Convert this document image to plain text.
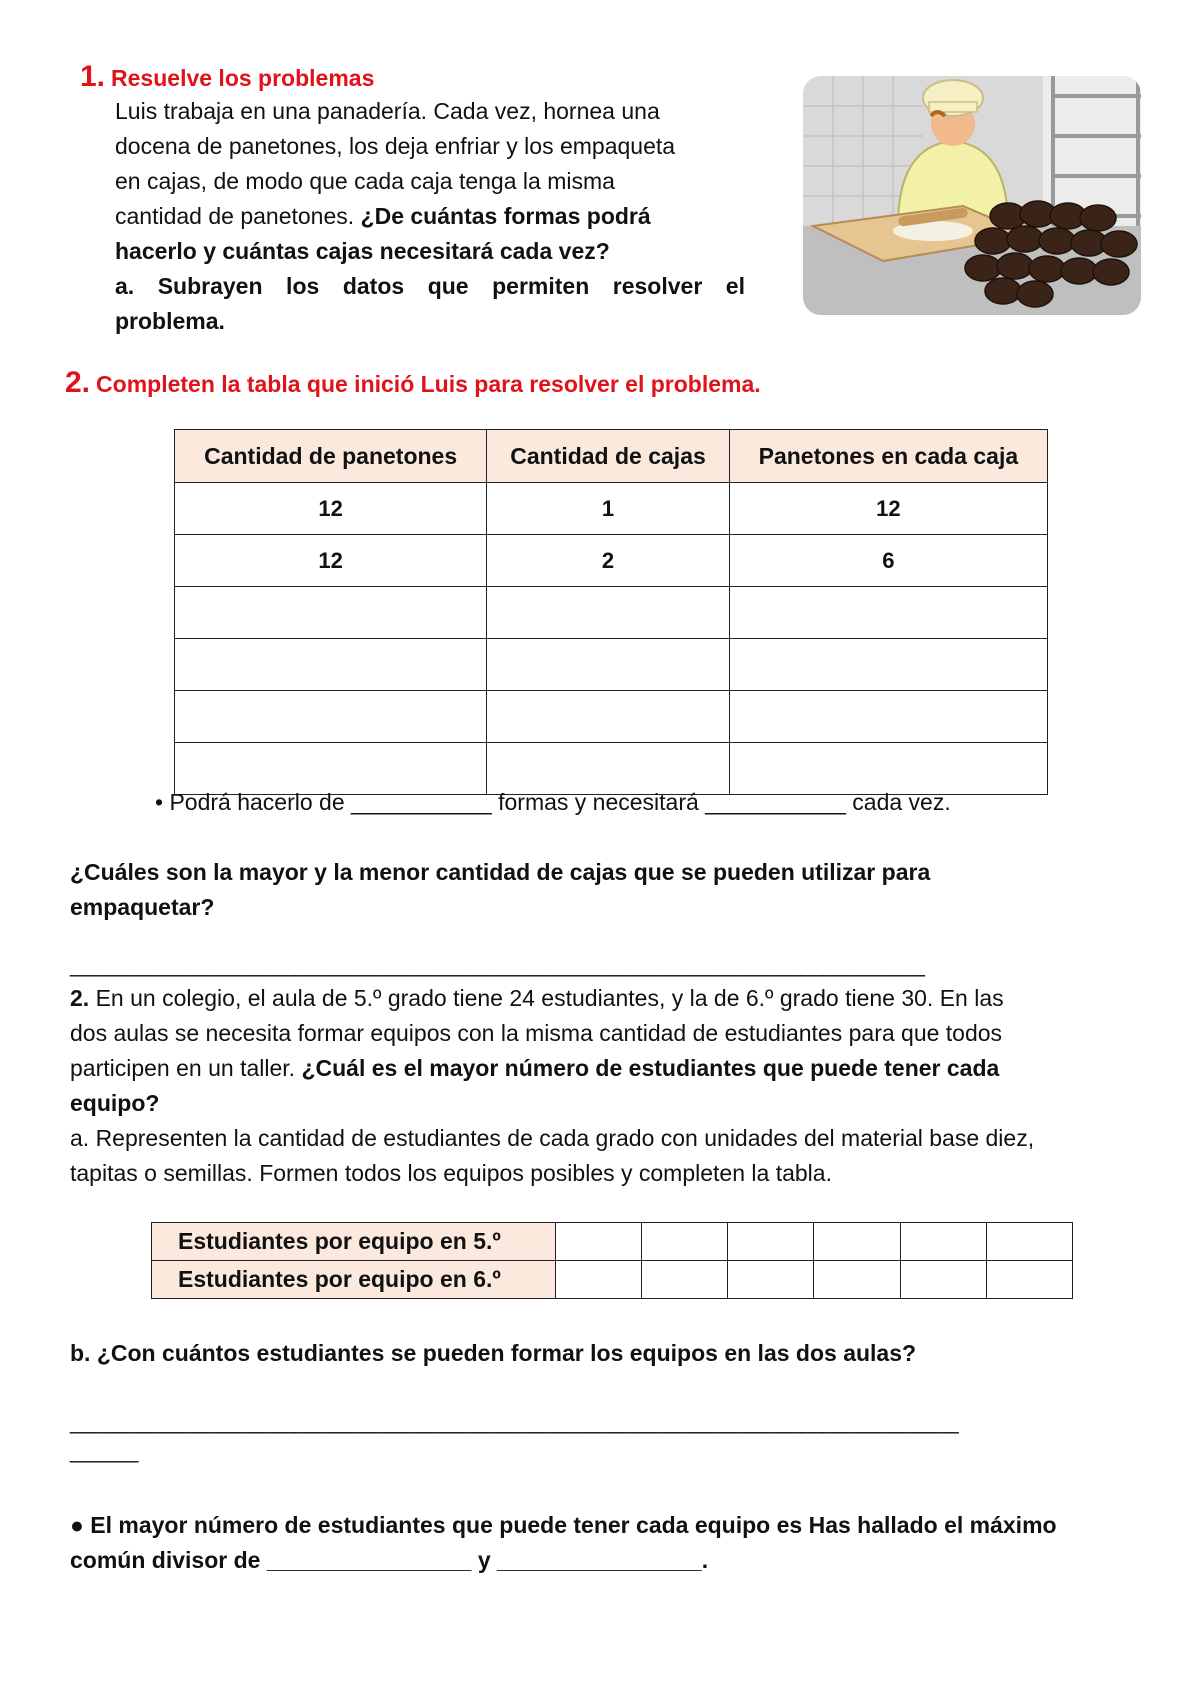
1. Resuelve los problemas
Luis trabaja en una panadería. Cada vez, hornea una
docena de panetones, los deja enfriar y los empaqueta
en cajas, de modo que cada caja tenga la misma
cantidad de panetones. ¿De cuántas formas podrá
hacerlo y cuántas cajas necesitará cada vez?
a. Subrayen los datos que permiten resolver el
problema.
2. Completen la tabla que inició Luis para resolver el problema.
Cantidad de panetones	Cantidad de cajas	Panetones en cada caja
12	1	12
12	2	6

• Podrá hacerlo de ___________ formas y necesitará ___________ cada vez.
¿Cuáles son la mayor y la menor cantidad de cajas que se pueden utilizar para
empaquetar?
____________________________________________________________________________
2. En un colegio, el aula de 5.º grado tiene 24 estudiantes, y la de 6.º grado tiene 30. En las
dos aulas se necesita formar equipos con la misma cantidad de estudiantes para que todos
participen en un taller. ¿Cuál es el mayor número de estudiantes que puede tener cada
equipo?
a. Representen la cantidad de estudiantes de cada grado con unidades del material base diez,
tapitas o semillas. Formen todos los equipos posibles y completen la tabla.
Estudiantes por equipo en 5.º						
Estudiantes por equipo en 6.º						
b. ¿Con cuántos estudiantes se pueden formar los equipos en las dos aulas?
_______________________________________________________________________________
______
● El mayor número de estudiantes que puede tener cada equipo es Has hallado el máximo
común divisor de ________________ y ________________.
